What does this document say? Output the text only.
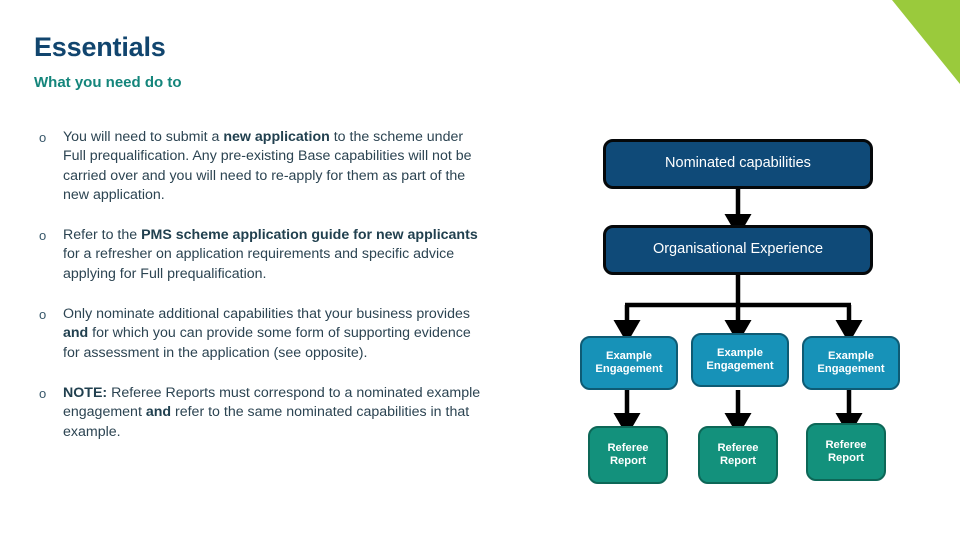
Essentials
What you need do to
o You will need to submit a new application to the scheme under Full prequalification. Any pre-existing Base capabilities will not be carried over and you will need to re-apply for them as part of the new application.
o Refer to the PMS scheme application guide for new applicants for a refresher on application requirements and specific advice applying for Full prequalification.
o Only nominate additional capabilities that your business provides and for which you can provide some form of supporting evidence for assessment in the application (see opposite).
o NOTE: Referee Reports must correspond to a nominated example engagement and refer to the same nominated capabilities in that example.
Nominated capabilities
Organisational Experience
Example Engagement
Example Engagement
Example Engagement
Referee Report
Referee Report
Referee Report
